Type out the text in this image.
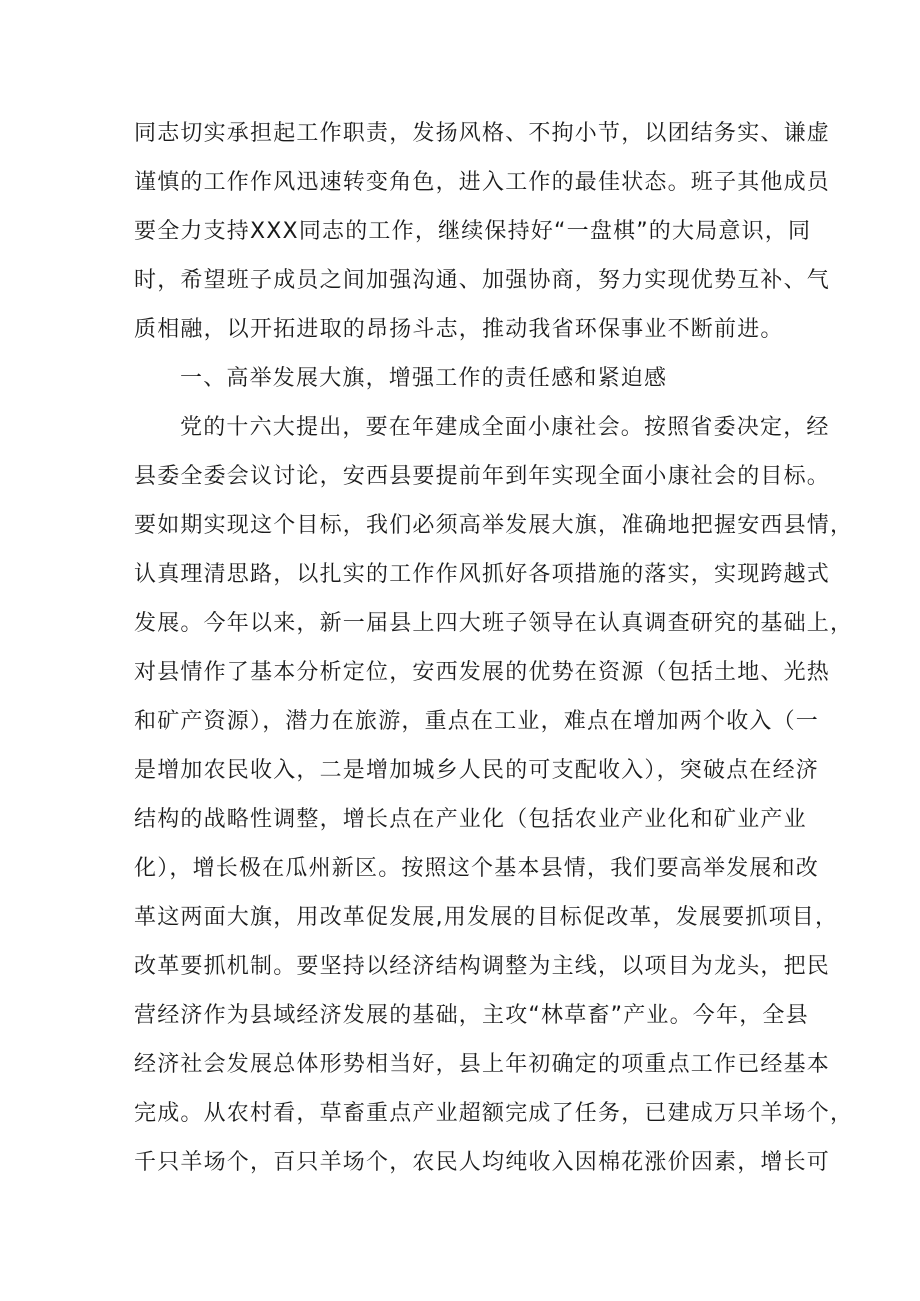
同志切实承担起工作职责，发扬风格、不拘小节，以团结务实、谦虚
谨慎的工作作风迅速转变角色，进入工作的最佳状态。班子其他成员
要全力支持XXX同志的工作，继续保持好“一盘棋”的大局意识，同
时，希望班子成员之间加强沟通、加强协商，努力实现优势互补、气
质相融，以开拓进取的昂扬斗志，推动我省环保事业不断前进。
一、高举发展大旗，增强工作的责任感和紧迫感
党的十六大提出，要在年建成全面小康社会。按照省委决定，经
县委全委会议讨论，安西县要提前年到年实现全面小康社会的目标。
要如期实现这个目标，我们必须高举发展大旗，准确地把握安西县情，
认真理清思路，以扎实的工作作风抓好各项措施的落实，实现跨越式
发展。今年以来，新一届县上四大班子领导在认真调查研究的基础上，
对县情作了基本分析定位，安西发展的优势在资源（包括土地、光热
和矿产资源），潜力在旅游，重点在工业，难点在增加两个收入（一
是增加农民收入，二是增加城乡人民的可支配收入），突破点在经济
结构的战略性调整，增长点在产业化（包括农业产业化和矿业产业
化），增长极在瓜州新区。按照这个基本县情，我们要高举发展和改
革这两面大旗，用改革促发展,用发展的目标促改革，发展要抓项目，
改革要抓机制。要坚持以经济结构调整为主线，以项目为龙头，把民
营经济作为县域经济发展的基础，主攻“林草畜”产业。今年，全县
经济社会发展总体形势相当好，县上年初确定的项重点工作已经基本
完成。从农村看，草畜重点产业超额完成了任务，已建成万只羊场个，
千只羊场个，百只羊场个，农民人均纯收入因棉花涨价因素，增长可
